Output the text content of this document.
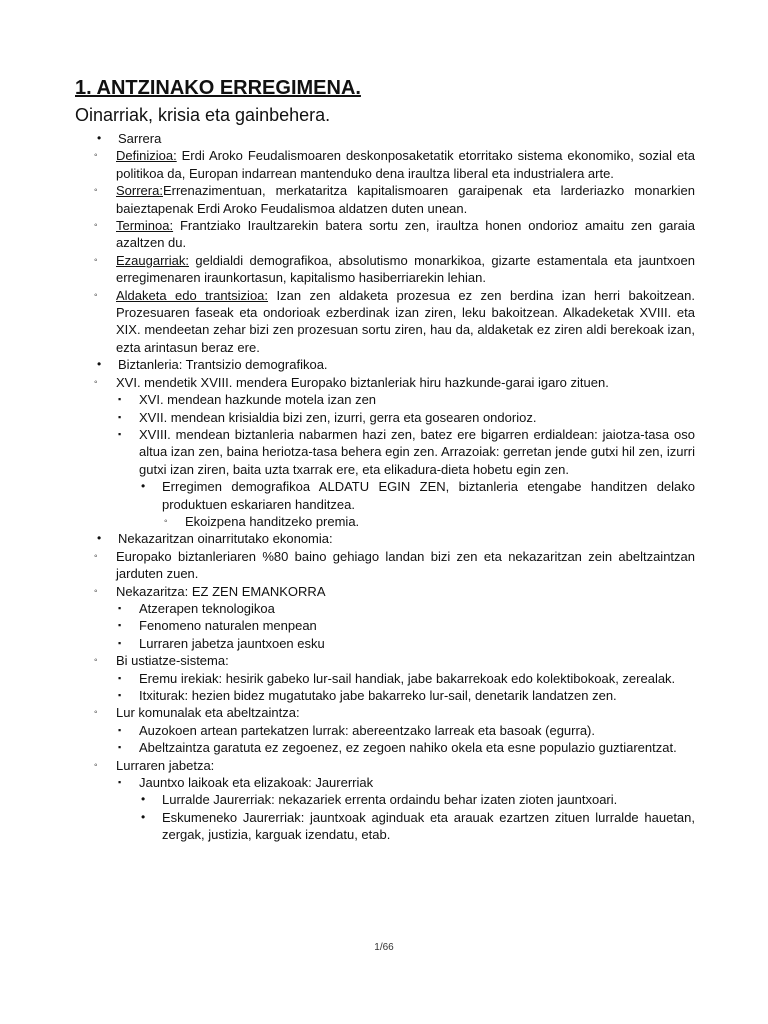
1. ANTZINAKO ERREGIMENA.
Oinarriak, krisia eta gainbehera.
• Sarrera
◦ Definizioa: Erdi Aroko Feudalismoaren deskonposaketatik etorritako sistema ekonomiko, sozial eta politikoa da, Europan indarrean mantenduko dena iraultza liberal eta industrialera arte.
◦ Sorrera:Errenazimentuan, merkataritza kapitalismoaren garaipenak eta larderiazko monarkien baieztapenak Erdi Aroko Feudalismoa aldatzen duten unean.
◦ Terminoa: Frantziako Iraultzarekin batera sortu zen, iraultza honen ondorioz amaitu zen garaia azaltzen du.
◦ Ezaugarriak: geldialdi demografikoa, absolutismo monarkikoa, gizarte estamentala eta jauntxoen erregimenaren iraunkortasun, kapitalismo hasiberriarekin lehian.
◦ Aldaketa edo trantsizioa: Izan zen aldaketa prozesua ez zen berdina izan herri bakoitzean. Prozesuaren faseak eta ondorioak ezberdinak izan ziren, leku bakoitzean. Alkadeketak XVIII. eta XIX. mendeetan zehar bizi zen prozesuan sortu ziren, hau da, aldaketak ez ziren aldi berekoak izan, ezta arintasun beraz ere.
• Biztanleria: Trantsizio demografikoa.
◦ XVI. mendetik XVIII. mendera Europako biztanleriak hiru hazkunde-garai igaro zituen.
▪ XVI. mendean hazkunde motela izan zen
▪ XVII. mendean krisialdia bizi zen, izurri, gerra eta gosearen ondorioz.
▪ XVIII. mendean biztanleria nabarmen hazi zen, batez ere bigarren erdialdean: jaiotza-tasa oso altua izan zen, baina heriotza-tasa behera egin zen. Arrazoiak: gerretan jende gutxi hil zen, izurri gutxi izan ziren, baita uzta txarrak ere, eta elikadura-dieta hobetu egin zen.
• Erregimen demografikoa ALDATU EGIN ZEN, biztanleria etengabe handitzen delako produktuen eskariaren handitzea.
◦ Ekoizpena handitzeko premia.
• Nekazaritzan oinarritutako ekonomia:
◦ Europako biztanleriaren %80 baino gehiago landan bizi zen eta nekazaritzan zein abeltzaintzan jarduten zuen.
◦ Nekazaritza: EZ ZEN EMANKORRA
▪ Atzerapen teknologikoa
▪ Fenomeno naturalen menpean
▪ Lurraren jabetza jauntxoen esku
◦ Bi ustiatze-sistema:
▪ Eremu irekiak: hesirik gabeko lur-sail handiak, jabe bakarrekoak edo kolektibokoak, zerealak.
▪ Itxiturak: hezien bidez mugatutako jabe bakarreko lur-sail, denetarik landatzen zen.
◦ Lur komunalak eta abeltzaintza:
▪ Auzokoen artean partekatzen lurrak: abereentzako larreak eta basoak (egurra).
▪ Abeltzaintza garatuta ez zegoenez, ez zegoen nahiko okela eta esne populazio guztiarentzat.
◦ Lurraren jabetza:
▪ Jauntxo laikoak eta elizakoak: Jaurerriak
• Lurralde Jaurerriak: nekazariek errenta ordaindu behar izaten zioten jauntxoari.
• Eskumeneko Jaurerriak: jauntxoak aginduak eta arauak ezartzen zituen lurralde hauetan, zergak, justizia, karguak izendatu, etab.
1/66
